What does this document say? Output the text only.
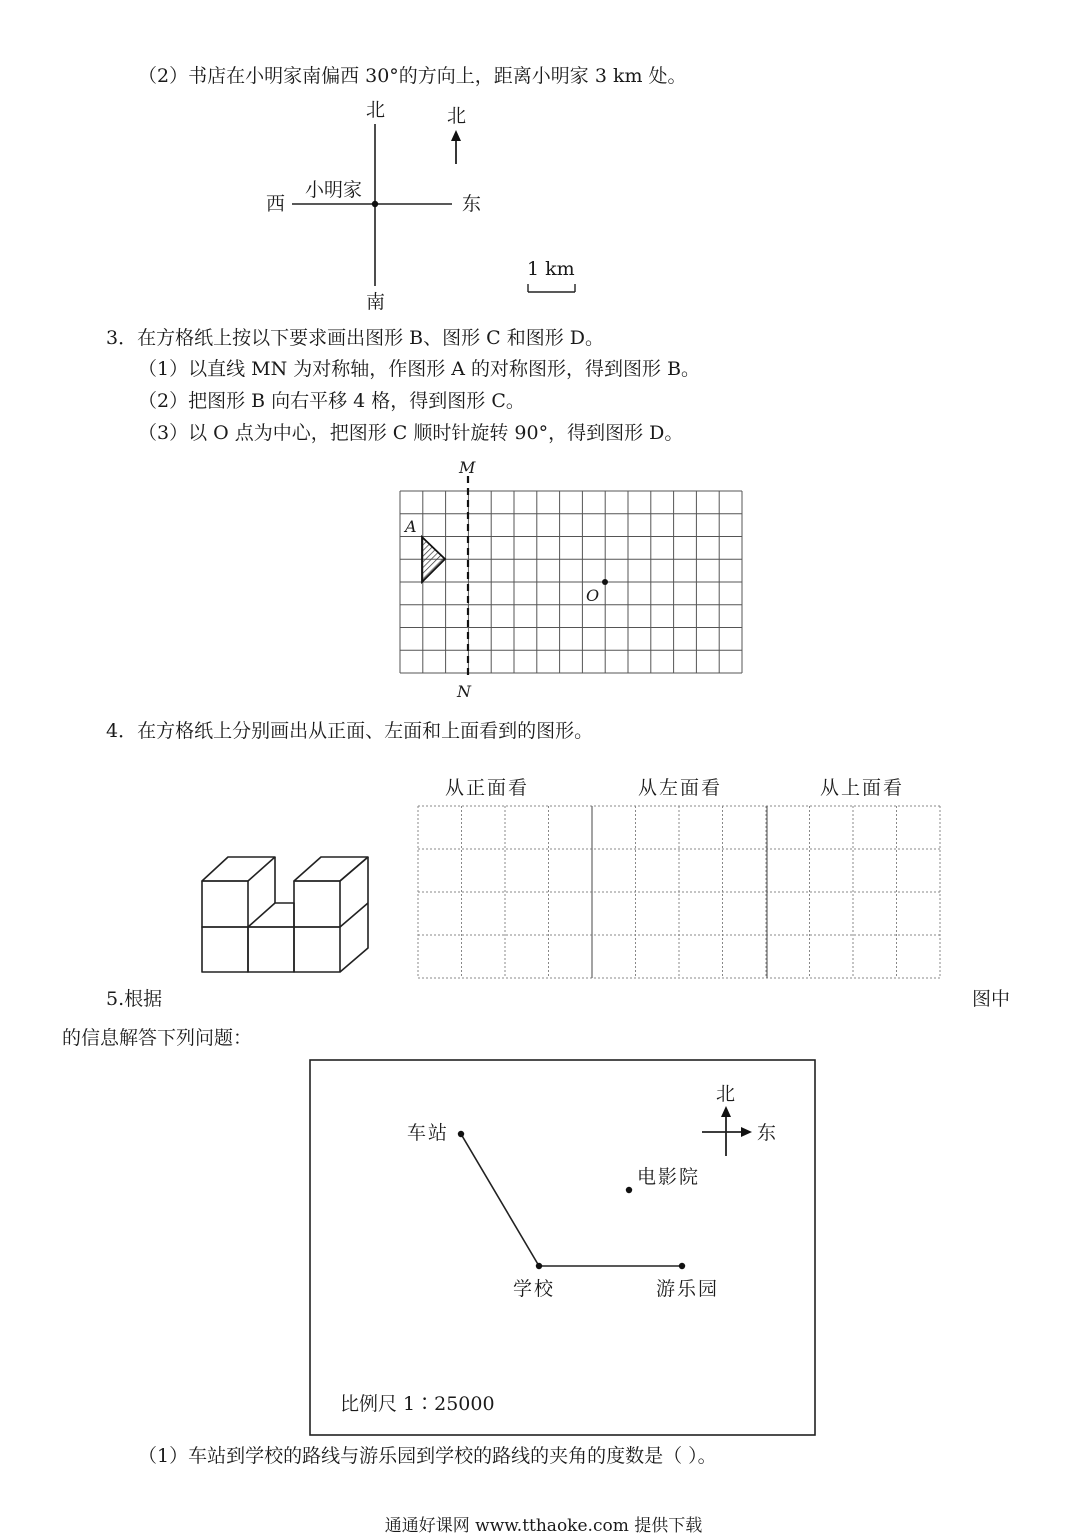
（2）书店在小明家南偏西 30°的方向上，距离小明家 3 km 处。
北
南
西	东
小明家
北
1 km
3．在方格纸上按以下要求画出图形 B、图形 C 和图形 D。
（1）以直线 MN 为对称轴，作图形 A 的对称图形，得到图形 B。
（2）把图形 B 向右平移 4 格，得到图形 C。
（3）以 O 点为中心，把图形 C 顺时针旋转 90°，得到图形 D。
M
N
A
O
4．在方格纸上分别画出从正面、左面和上面看到的图形。
从正面看	从左面看	从上面看
5.根据	图中
的信息解答下列问题：
车站
学校	游乐园
电影院
北
东
比例尺 1∶25000
（1）车站到学校的路线与游乐园到学校的路线的夹角的度数是（ ）。
通通好课网 www.tthaoke.com 提供下载
